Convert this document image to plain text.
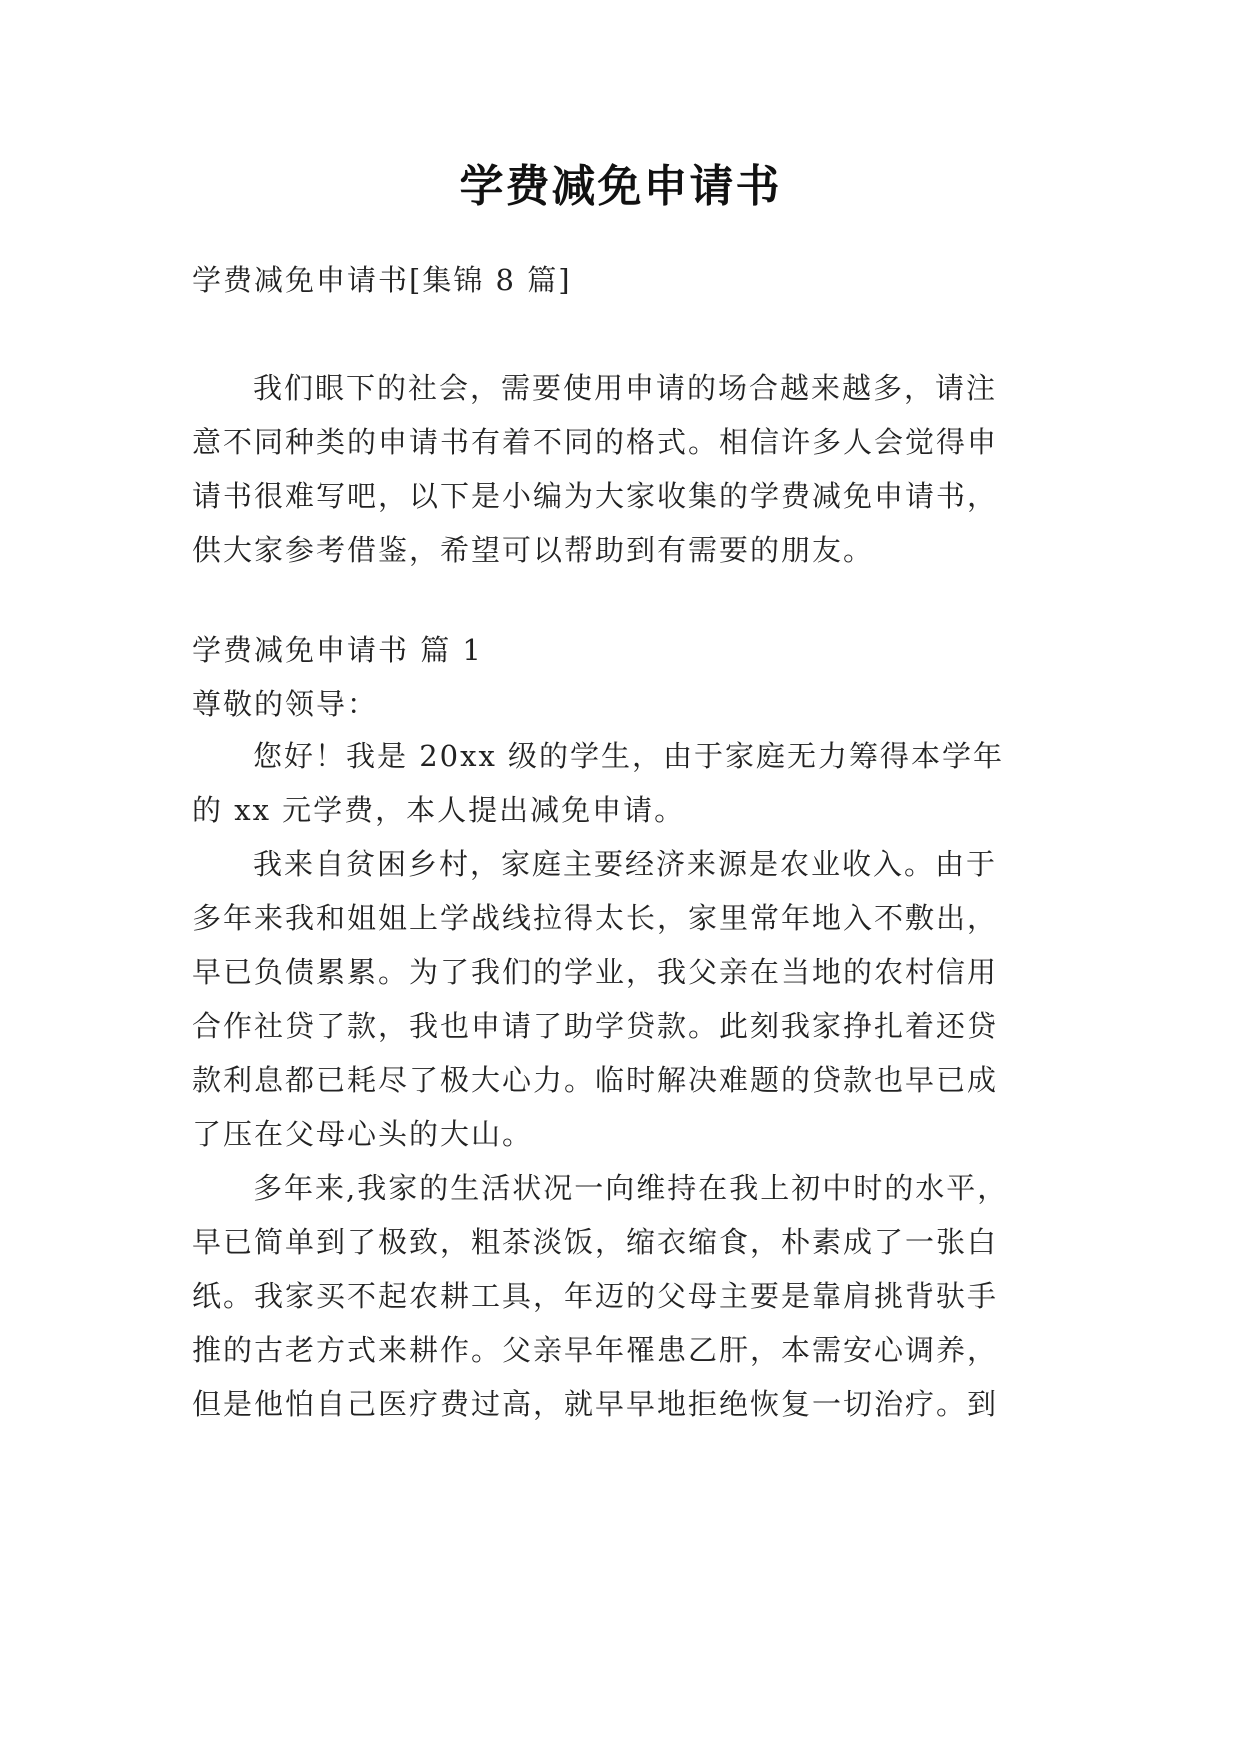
学费减免申请书
学费减免申请书[集锦 8 篇]
我们眼下的社会，需要使用申请的场合越来越多，请注
意不同种类的申请书有着不同的格式。相信许多人会觉得申
请书很难写吧，以下是小编为大家收集的学费减免申请书，
供大家参考借鉴，希望可以帮助到有需要的朋友。
学费减免申请书 篇 1
尊敬的领导：
您好！我是 20xx 级的学生，由于家庭无力筹得本学年
的 xx 元学费，本人提出减免申请。
我来自贫困乡村，家庭主要经济来源是农业收入。由于
多年来我和姐姐上学战线拉得太长，家里常年地入不敷出，
早已负债累累。为了我们的学业，我父亲在当地的农村信用
合作社贷了款，我也申请了助学贷款。此刻我家挣扎着还贷
款利息都已耗尽了极大心力。临时解决难题的贷款也早已成
了压在父母心头的大山。
多年来,我家的生活状况一向维持在我上初中时的水平，
早已简单到了极致，粗茶淡饭，缩衣缩食，朴素成了一张白
纸。我家买不起农耕工具，年迈的父母主要是靠肩挑背驮手
推的古老方式来耕作。父亲早年罹患乙肝，本需安心调养，
但是他怕自己医疗费过高，就早早地拒绝恢复一切治疗。到
